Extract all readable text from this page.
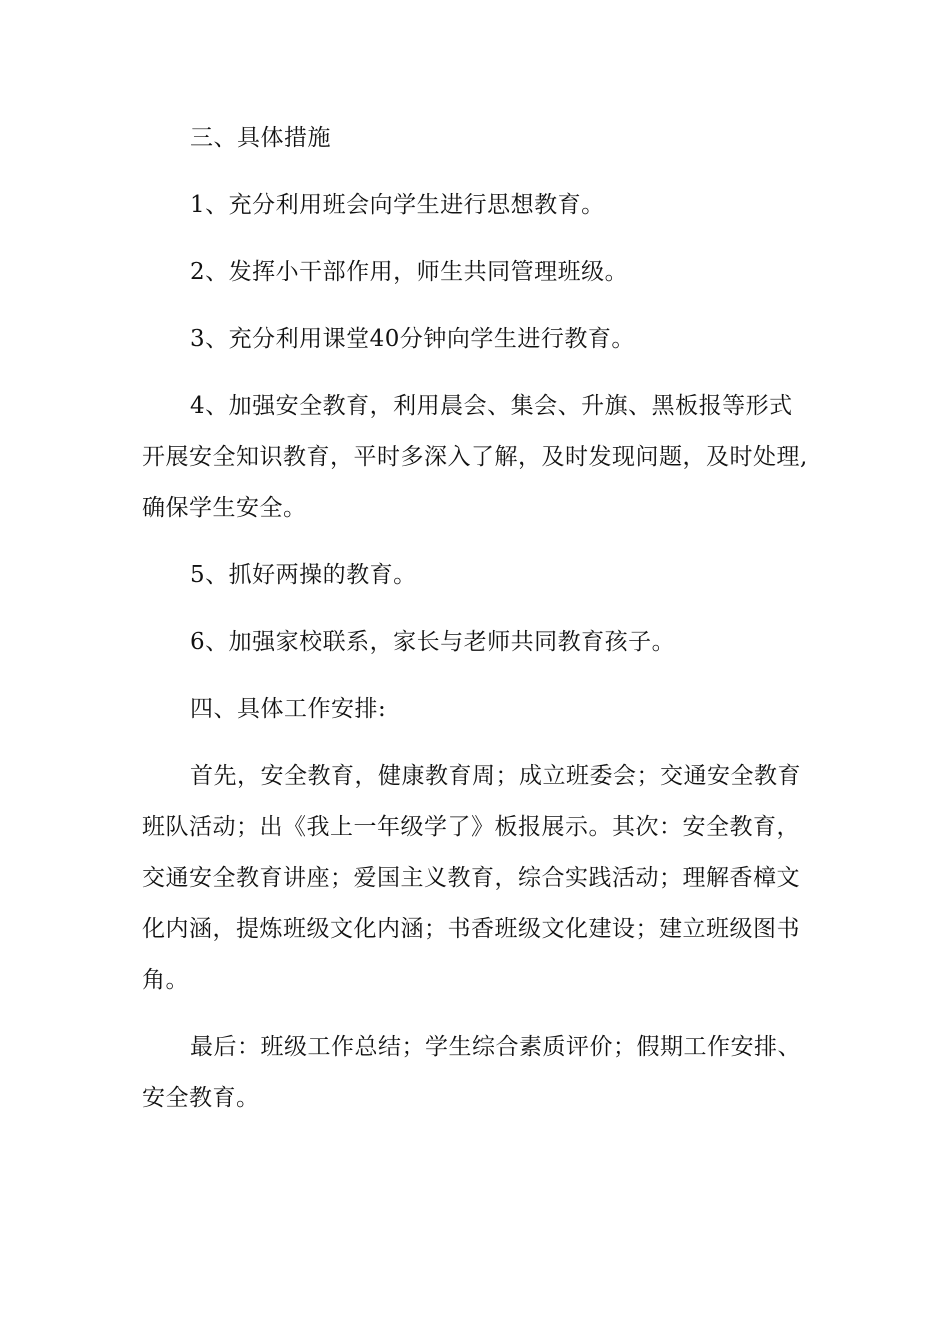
三、具体措施

1、充分利用班会向学生进行思想教育。

2、发挥小干部作用，师生共同管理班级。

3、充分利用课堂40分钟向学生进行教育。

4、加强安全教育，利用晨会、集会、升旗、黑板报等形式开展安全知识教育，平时多深入了解，及时发现问题，及时处理,确保学生安全。

5、抓好两操的教育。

6、加强家校联系，家长与老师共同教育孩子。

四、具体工作安排:

首先，安全教育，健康教育周；成立班委会；交通安全教育班队活动；出《我上一年级学了》板报展示。其次：安全教育，交通安全教育讲座；爱国主义教育，综合实践活动；理解香樟文化内涵，提炼班级文化内涵；书香班级文化建设；建立班级图书角。

最后：班级工作总结；学生综合素质评价；假期工作安排、安全教育。
